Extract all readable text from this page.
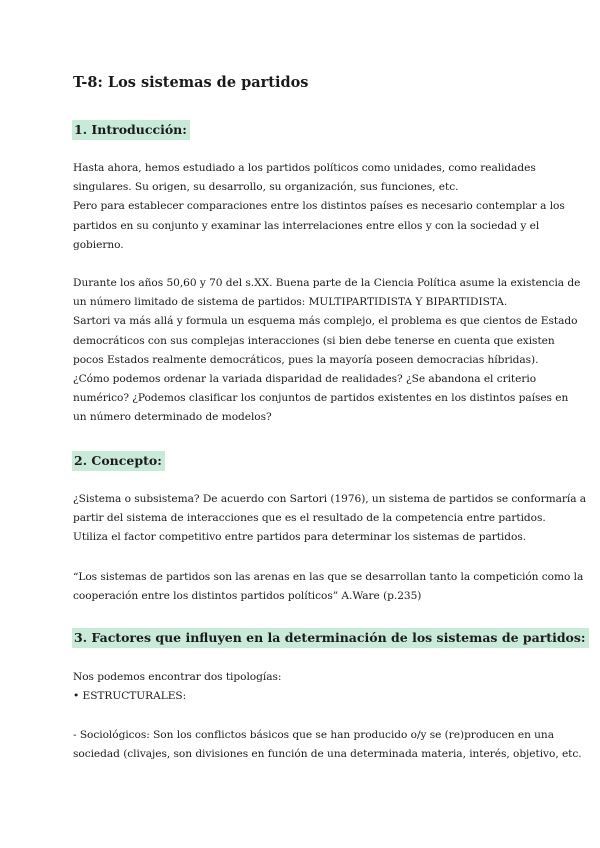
T-8: Los sistemas de partidos
1. Introducción:
Hasta ahora, hemos estudiado a los partidos políticos como unidades, como realidades
singulares. Su origen, su desarrollo, su organización, sus funciones, etc.
Pero para establecer comparaciones entre los distintos países es necesario contemplar a los
partidos en su conjunto y examinar las interrelaciones entre ellos y con la sociedad y el
gobierno.
Durante los años 50,60 y 70 del s.XX. Buena parte de la Ciencia Política asume la existencia de
un número limitado de sistema de partidos: MULTIPARTIDISTA Y BIPARTIDISTA.
Sartori va más allá y formula un esquema más complejo, el problema es que cientos de Estado
democráticos con sus complejas interacciones (si bien debe tenerse en cuenta que existen
pocos Estados realmente democráticos, pues la mayoría poseen democracias híbridas).
¿Cómo podemos ordenar la variada disparidad de realidades? ¿Se abandona el criterio
numérico? ¿Podemos clasificar los conjuntos de partidos existentes en los distintos países en
un número determinado de modelos?
2. Concepto:
¿Sistema o subsistema? De acuerdo con Sartori (1976), un sistema de partidos se conformaría a
partir del sistema de interacciones que es el resultado de la competencia entre partidos.
Utiliza el factor competitivo entre partidos para determinar los sistemas de partidos.
“Los sistemas de partidos son las arenas en las que se desarrollan tanto la competición como la
cooperación entre los distintos partidos políticos” A.Ware (p.235)
3. Factores que influyen en la determinación de los sistemas de partidos:
Nos podemos encontrar dos tipologías:
• ESTRUCTURALES:
- Sociológicos: Son los conflictos básicos que se han producido o/y se (re)producen en una
sociedad (clivajes, son divisiones en función de una determinada materia, interés, objetivo, etc.
